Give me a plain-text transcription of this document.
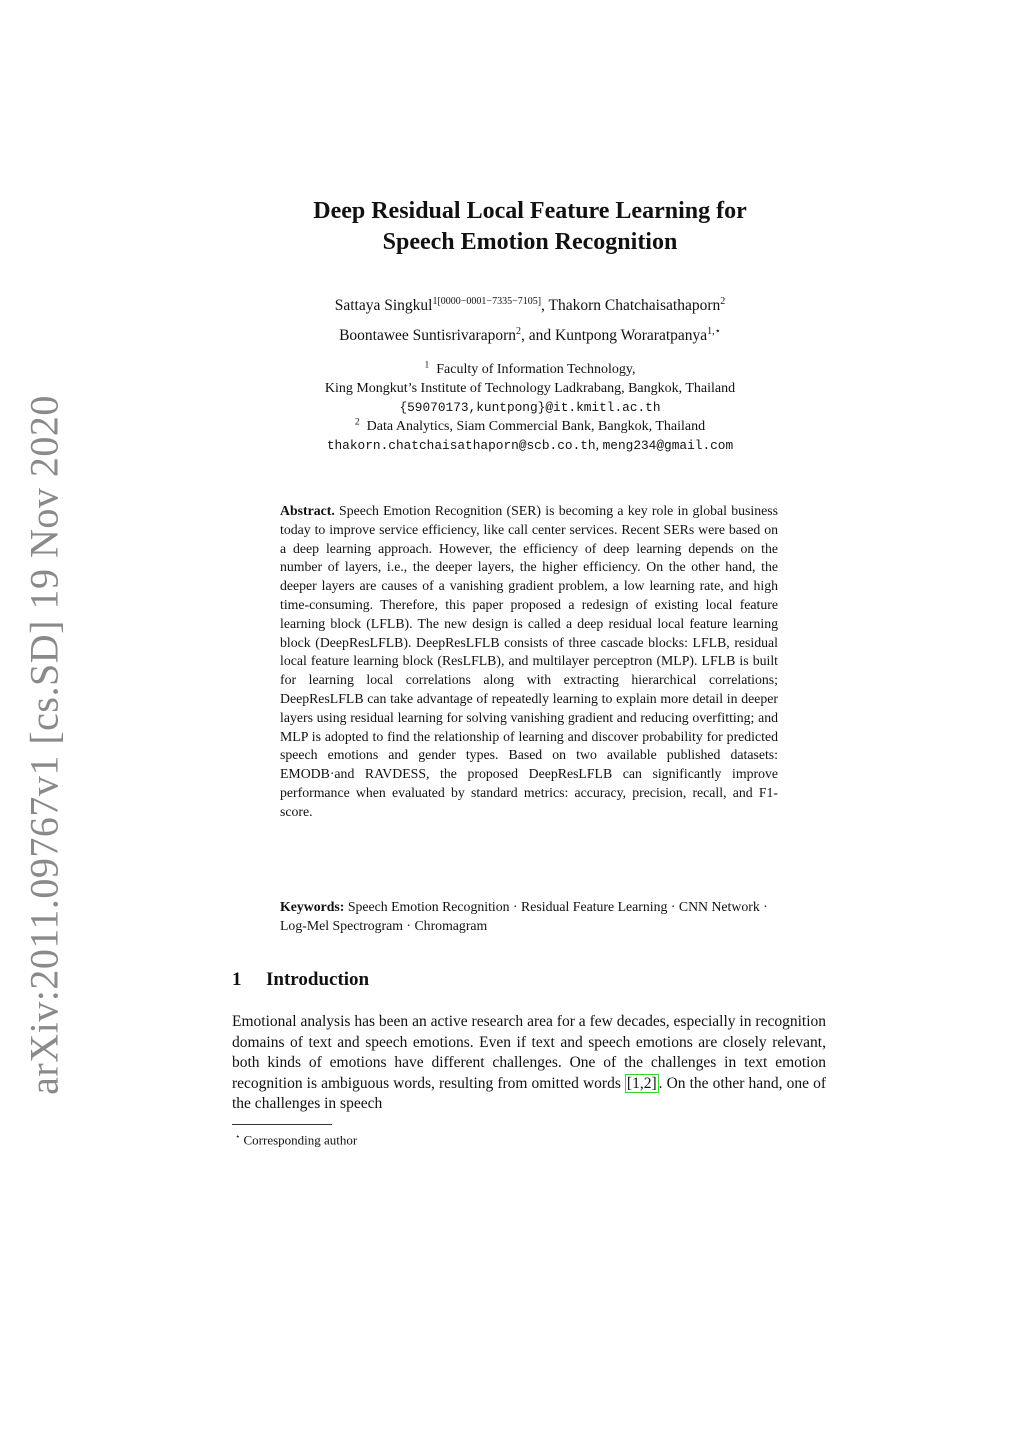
arXiv:2011.09767v1 [cs.SD] 19 Nov 2020
Deep Residual Local Feature Learning for
Speech Emotion Recognition
Sattaya Singkul$^{1[0000-0001-7335-7105]}$, Thakorn Chatchaisathaporn$^2$
Boontawee Suntisrivaraporn$^2$, and Kuntpong Woraratpanya$^{1,⋆}$
$^1$ Faculty of Information Technology,
King Mongkut’s Institute of Technology Ladkrabang, Bangkok, Thailand
{59070173,kuntpong}@it.kmitl.ac.th
$^2$ Data Analytics, Siam Commercial Bank, Bangkok, Thailand
thakorn.chatchaisathaporn@scb.co.th, meng234@gmail.com
Abstract. Speech Emotion Recognition (SER) is becoming a key role in global business today to improve service efficiency, like call center services. Recent SERs were based on a deep learning approach. However, the efficiency of deep learning depends on the number of layers, i.e., the deeper layers, the higher efficiency. On the other hand, the deeper layers are causes of a vanishing gradient problem, a low learning rate, and high time-consuming. Therefore, this paper proposed a redesign of existing local feature learning block (LFLB). The new design is called a deep residual local feature learning block (DeepResLFLB). DeepResLFLB consists of three cascade blocks: LFLB, residual local feature learning block (ResLFLB), and multilayer perceptron (MLP). LFLB is built for learning local correlations along with extracting hierarchical correlations; DeepResLFLB can take advantage of repeatedly learning to explain more detail in deeper layers using residual learning for solving vanishing gradient and reducing overfitting; and MLP is adopted to find the relationship of learning and discover probability for predicted speech emotions and gender types. Based on two available published datasets: EMODB·and RAVDESS, the proposed DeepResLFLB can significantly improve performance when evaluated by standard metrics: accuracy, precision, recall, and F1-score.
Keywords: Speech Emotion Recognition · Residual Feature Learning · CNN Network · Log-Mel Spectrogram · Chromagram
1 Introduction
Emotional analysis has been an active research area for a few decades, especially in recognition domains of text and speech emotions. Even if text and speech emotions are closely relevant, both kinds of emotions have different challenges. One of the challenges in text emotion recognition is ambiguous words, resulting from omitted words [1,2] . On the other hand, one of the challenges in speech
⋆ Corresponding author
